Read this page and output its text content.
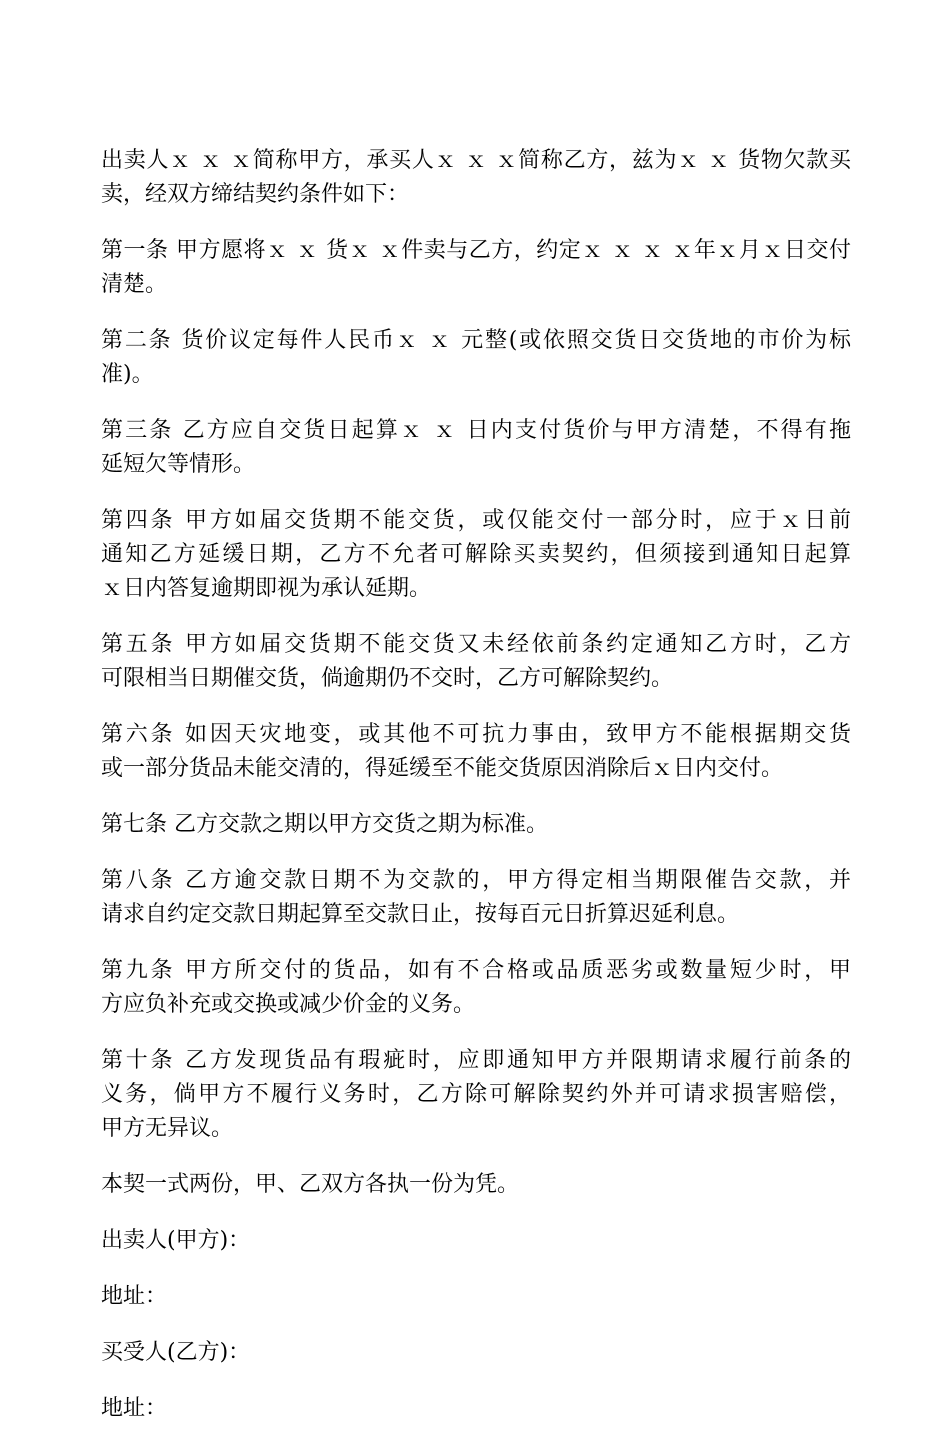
出卖人ｘ ｘ ｘ简称甲方，承买人ｘ ｘ ｘ简称乙方，兹为ｘ ｘ 货物欠款买
卖，经双方缔结契约条件如下：
第一条 甲方愿将ｘ ｘ 货ｘ ｘ件卖与乙方，约定ｘ ｘ ｘ ｘ年ｘ月ｘ日交付
清楚。
第二条 货价议定每件人民币ｘ ｘ 元整(或依照交货日交货地的市价为标
准)。
第三条 乙方应自交货日起算ｘ ｘ 日内支付货价与甲方清楚，不得有拖
延短欠等情形。
第四条 甲方如届交货期不能交货，或仅能交付一部分时，应于ｘ日前
通知乙方延缓日期，乙方不允者可解除买卖契约，但须接到通知日起算
ｘ日内答复逾期即视为承认延期。
第五条 甲方如届交货期不能交货又未经依前条约定通知乙方时，乙方
可限相当日期催交货，倘逾期仍不交时，乙方可解除契约。
第六条 如因天灾地变，或其他不可抗力事由，致甲方不能根据期交货
或一部分货品未能交清的，得延缓至不能交货原因消除后ｘ日内交付。
第七条 乙方交款之期以甲方交货之期为标准。
第八条 乙方逾交款日期不为交款的，甲方得定相当期限催告交款，并
请求自约定交款日期起算至交款日止，按每百元日折算迟延利息。
第九条 甲方所交付的货品，如有不合格或品质恶劣或数量短少时，甲
方应负补充或交换或减少价金的义务。
第十条 乙方发现货品有瑕疵时，应即通知甲方并限期请求履行前条的
义务，倘甲方不履行义务时，乙方除可解除契约外并可请求损害赔偿，
甲方无异议。
本契一式两份，甲、乙双方各执一份为凭。
出卖人(甲方)：
地址：
买受人(乙方)：
地址：
